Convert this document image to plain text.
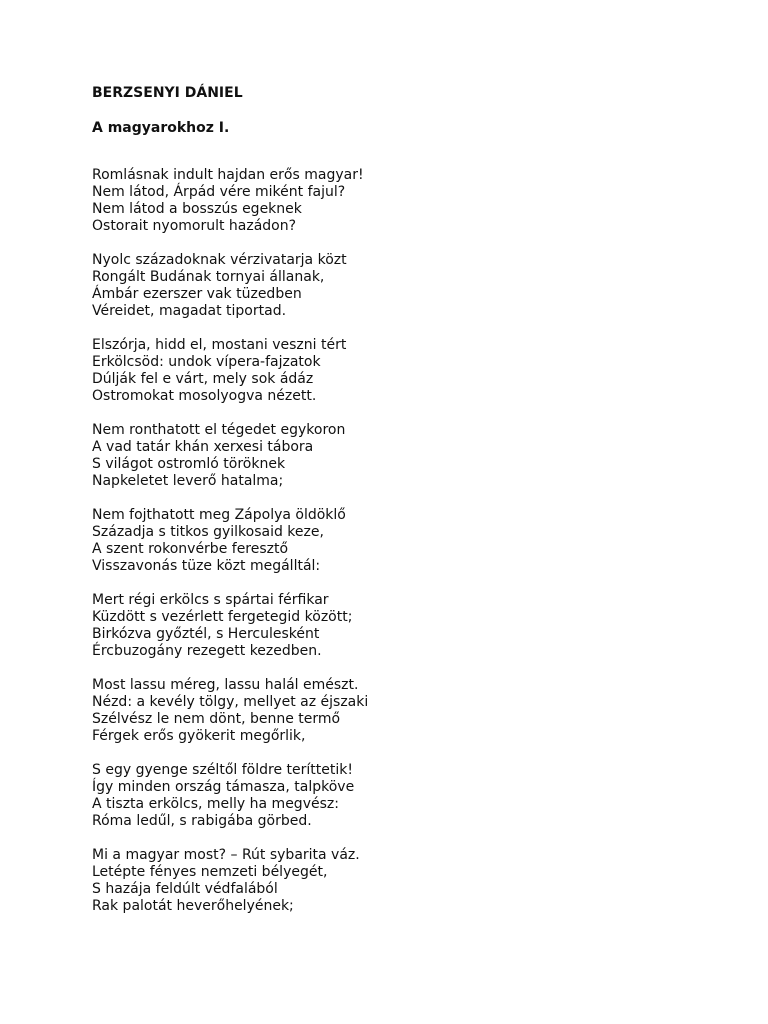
BERZSENYI DÁNIEL

A magyarokhoz I.

Romlásnak indult hajdan erős magyar!
Nem látod, Árpád vére miként fajul?
Nem látod a bosszús egeknek
Ostorait nyomorult hazádon?
Nyolc századoknak vérzivatarja közt
Rongált Budának tornyai állanak,
Ámbár ezerszer vak tüzedben
Véreidet, magadat tiportad.
Elszórja, hidd el, mostani veszni tért
Erkölcsöd: undok vípera-fajzatok
Dúlják fel e várt, mely sok ádáz
Ostromokat mosolyogva nézett.
Nem ronthatott el tégedet egykoron
A vad tatár khán xerxesi tábora
S világot ostromló töröknek
Napkeletet leverő hatalma;
Nem fojthatott meg Zápolya öldöklő
Századja s titkos gyilkosaid keze,
A szent rokonvérbe feresztő
Visszavonás tüze közt megálltál:
Mert régi erkölcs s spártai férfikar
Küzdött s vezérlett fergetegid között;
Birkózva győztél, s Herculesként
Ércbuzogány rezegett kezedben.
Most lassu méreg, lassu halál emészt.
Nézd: a kevély tölgy, mellyet az éjszaki
Szélvész le nem dönt, benne termő
Férgek erős gyökerit megőrlik,
S egy gyenge széltől földre teríttetik!
Így minden ország támasza, talpköve
A tiszta erkölcs, melly ha megvész:
Róma ledűl, s rabigába görbed.
Mi a magyar most? – Rút sybarita váz.
Letépte fényes nemzeti bélyegét,
S hazája feldúlt védfalából
Rak palotát heverőhelyének;
